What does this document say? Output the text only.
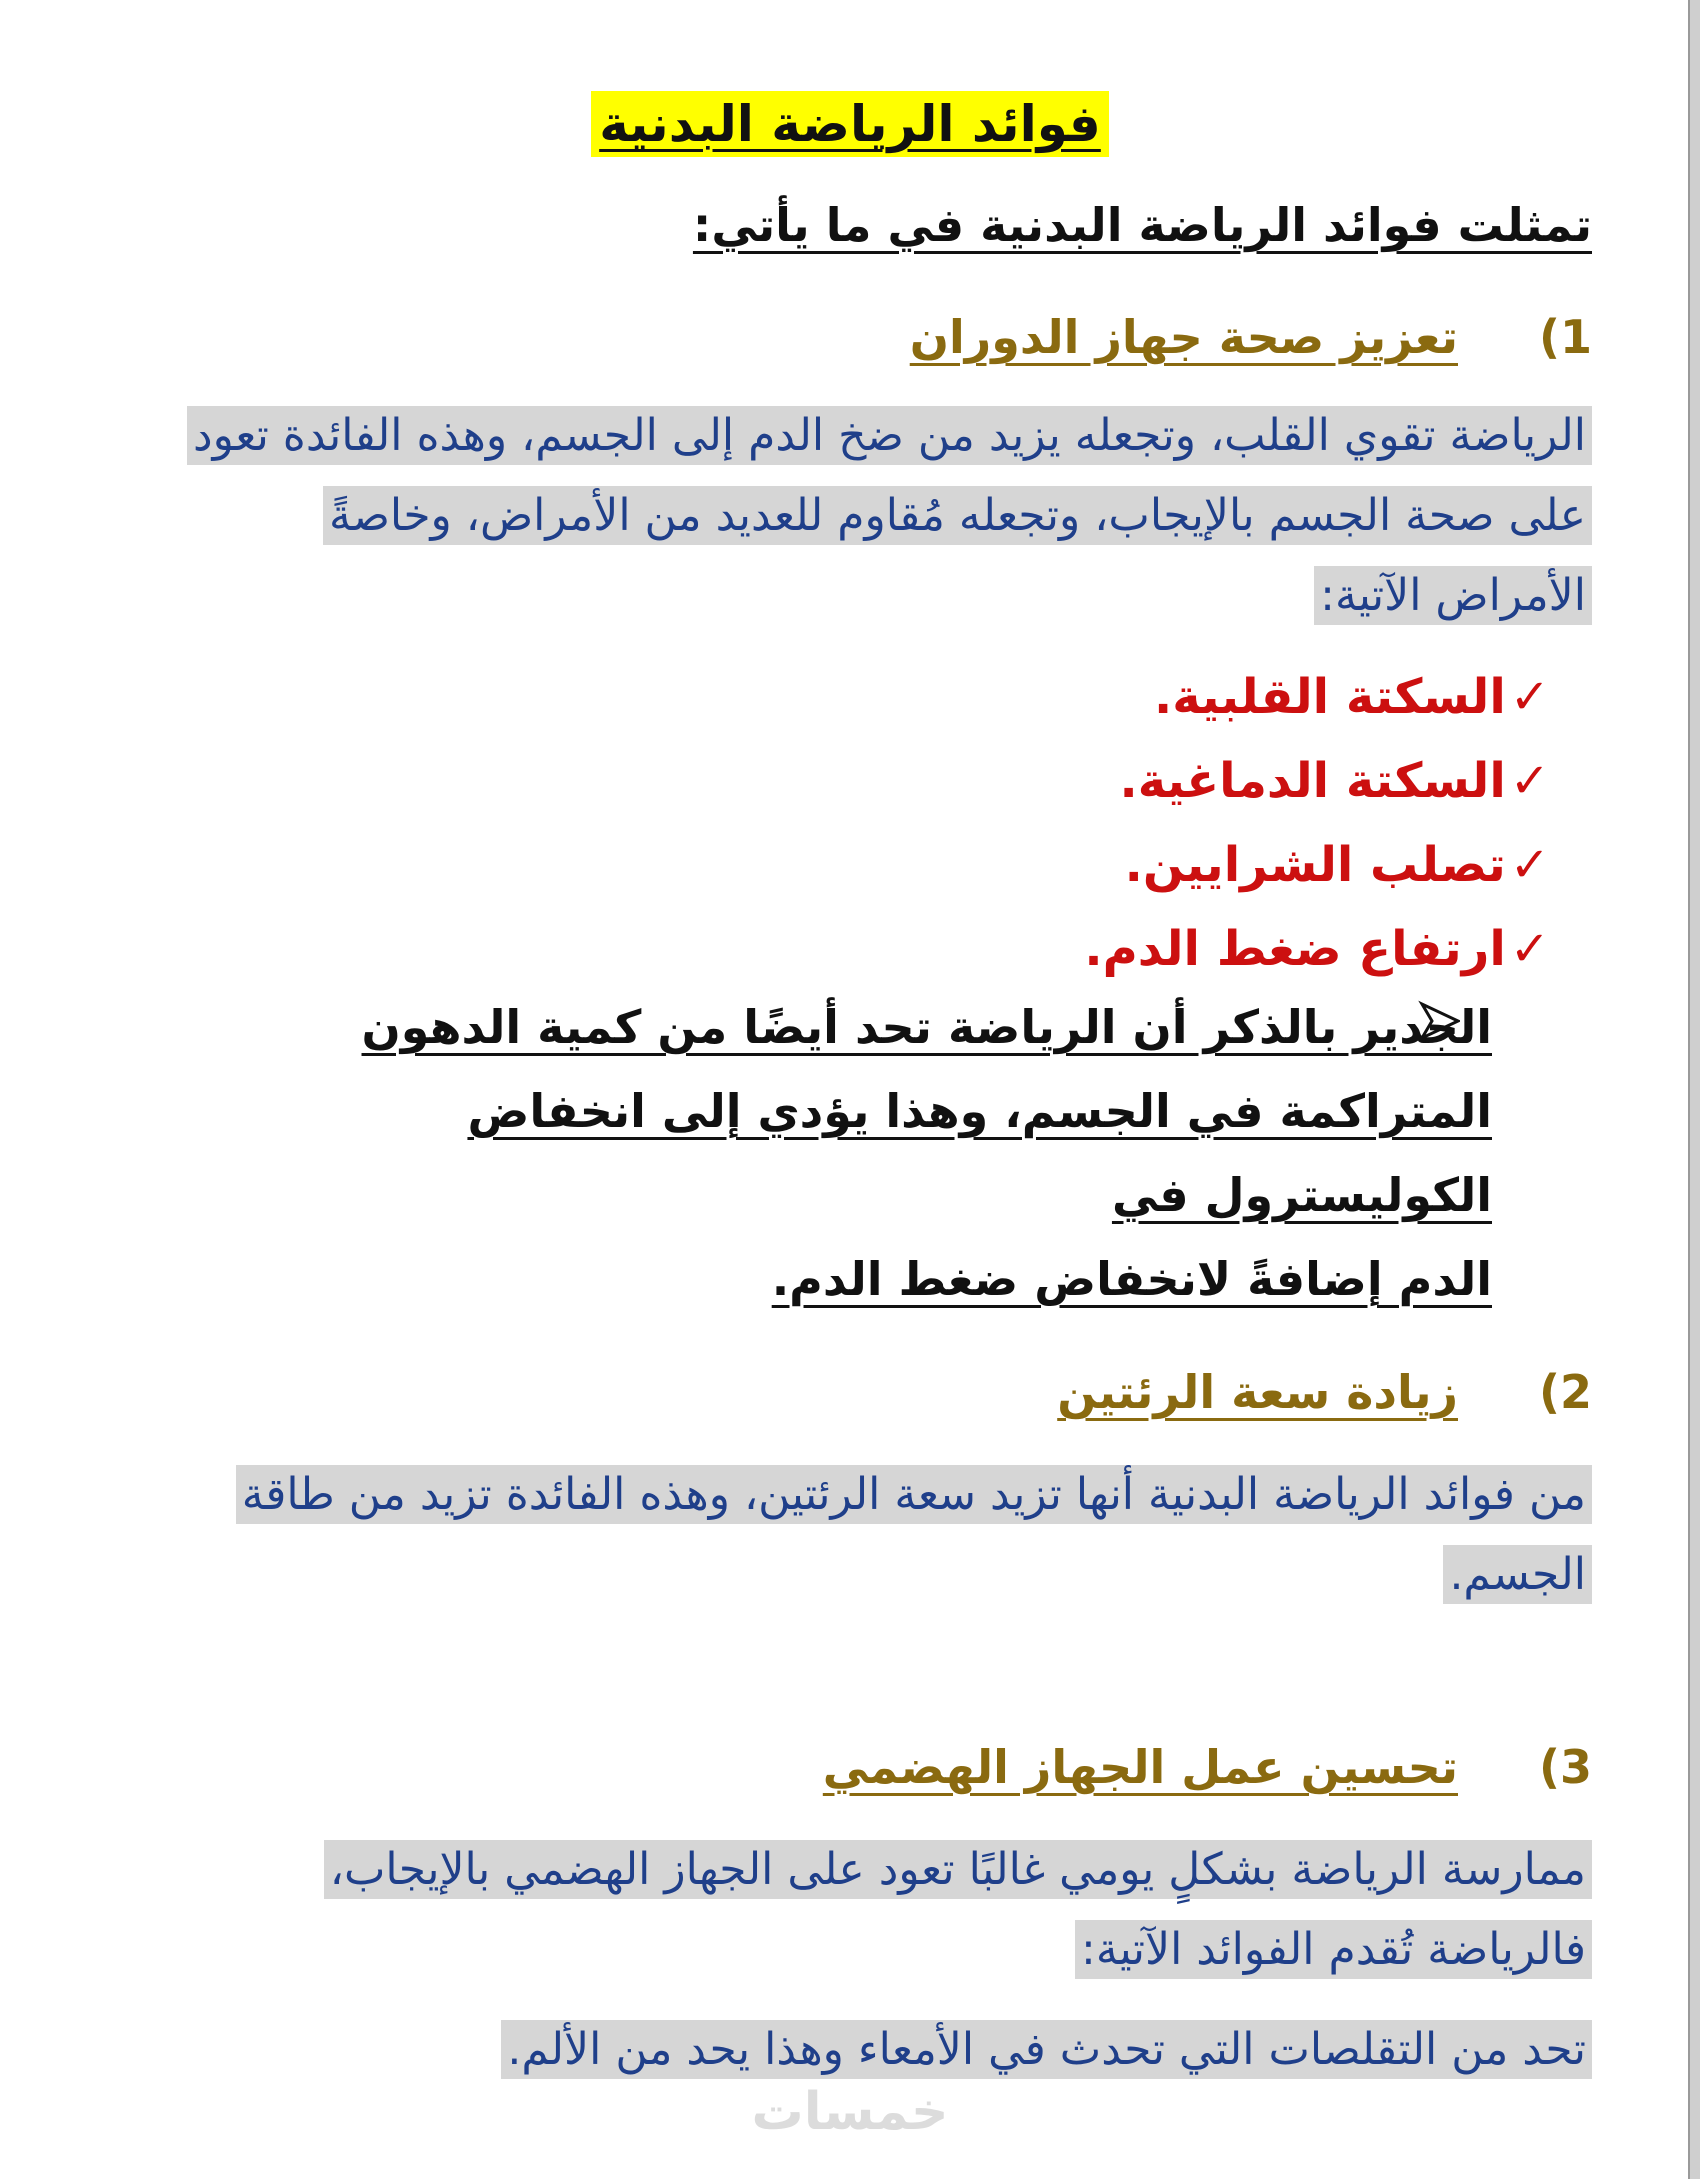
فوائد الرياضة البدنية
تمثلت فوائد الرياضة البدنية في ما يأتي:
1)تعزيز صحة جهاز الدوران
الرياضة تقوي القلب، وتجعله يزيد من ضخ الدم إلى الجسم، وهذه الفائدة تعود
على صحة الجسم بالإيجاب، وتجعله مُقاوم للعديد من الأمراض، وخاصةً
الأمراض الآتية:
✓السكتة القلبية.
✓السكتة الدماغية.
✓تصلب الشرايين.
✓ارتفاع ضغط الدم.
الجدير بالذكر أن الرياضة تحد أيضًا من كمية الدهون
المتراكمة في الجسم، وهذا يؤدي إلى انخفاض الكوليسترول في
الدم إضافةً لانخفاض ضغط الدم.
2)زيادة سعة الرئتين
من فوائد الرياضة البدنية أنها تزيد سعة الرئتين، وهذه الفائدة تزيد من طاقة
الجسم.
3)تحسين عمل الجهاز الهضمي
ممارسة الرياضة بشكلٍ يومي غالبًا تعود على الجهاز الهضمي بالإيجاب،
فالرياضة تُقدم الفوائد الآتية:
تحد من التقلصات التي تحدث في الأمعاء وهذا يحد من الألم.
خمسات
